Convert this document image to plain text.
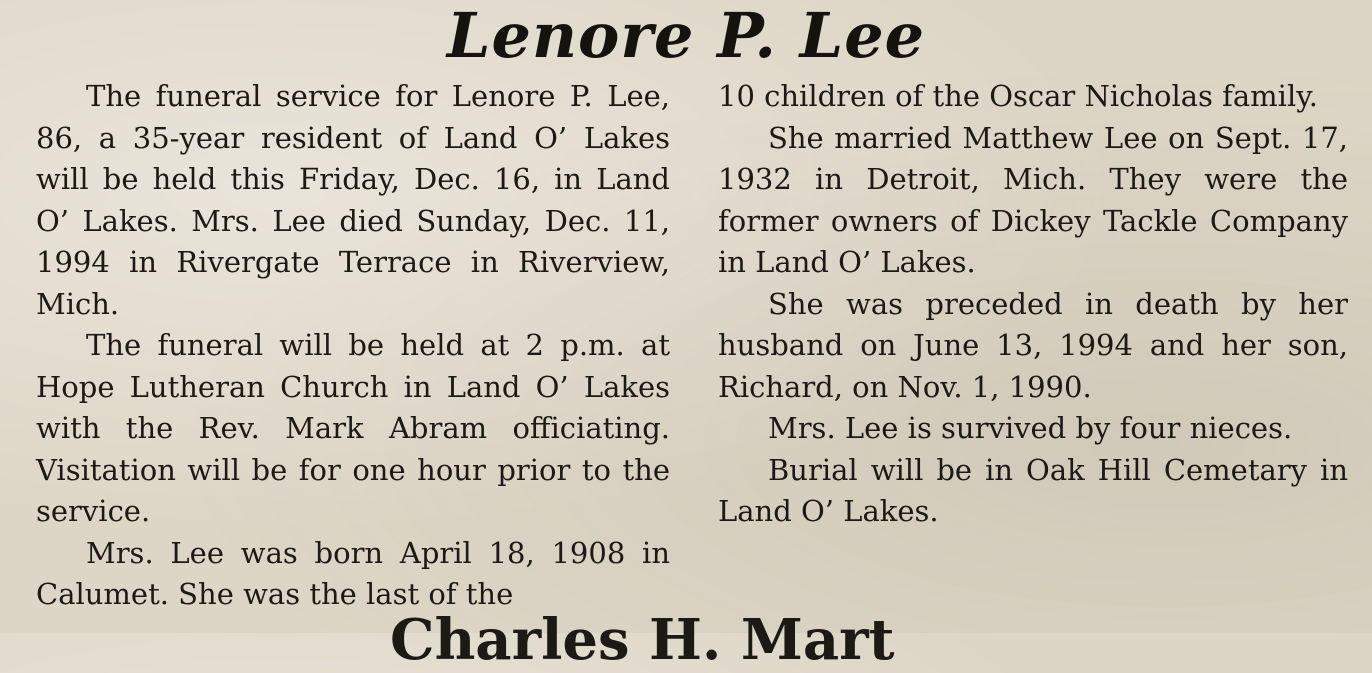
Lenore P. Lee

The funeral service for Lenore P. Lee, 86, a 35-year resident of Land O’ Lakes will be held this Friday, Dec. 16, in Land O’ Lakes. Mrs. Lee died Sunday, Dec. 11, 1994 in Rivergate Terrace in Riverview, Mich.

The funeral will be held at 2 p.m. at Hope Lutheran Church in Land O’ Lakes with the Rev. Mark Abram officiating. Visitation will be for one hour prior to the service.

Mrs. Lee was born April 18, 1908 in Calumet. She was the last of the

10 children of the Oscar Nicholas family.

She married Matthew Lee on Sept. 17, 1932 in Detroit, Mich. They were the former owners of Dickey Tackle Company in Land O’ Lakes.

She was preceded in death by her husband on June 13, 1994 and her son, Richard, on Nov. 1, 1990.

Mrs. Lee is survived by four nieces.

Burial will be in Oak Hill Cemetary in Land O’ Lakes.

Charles H. Mart
